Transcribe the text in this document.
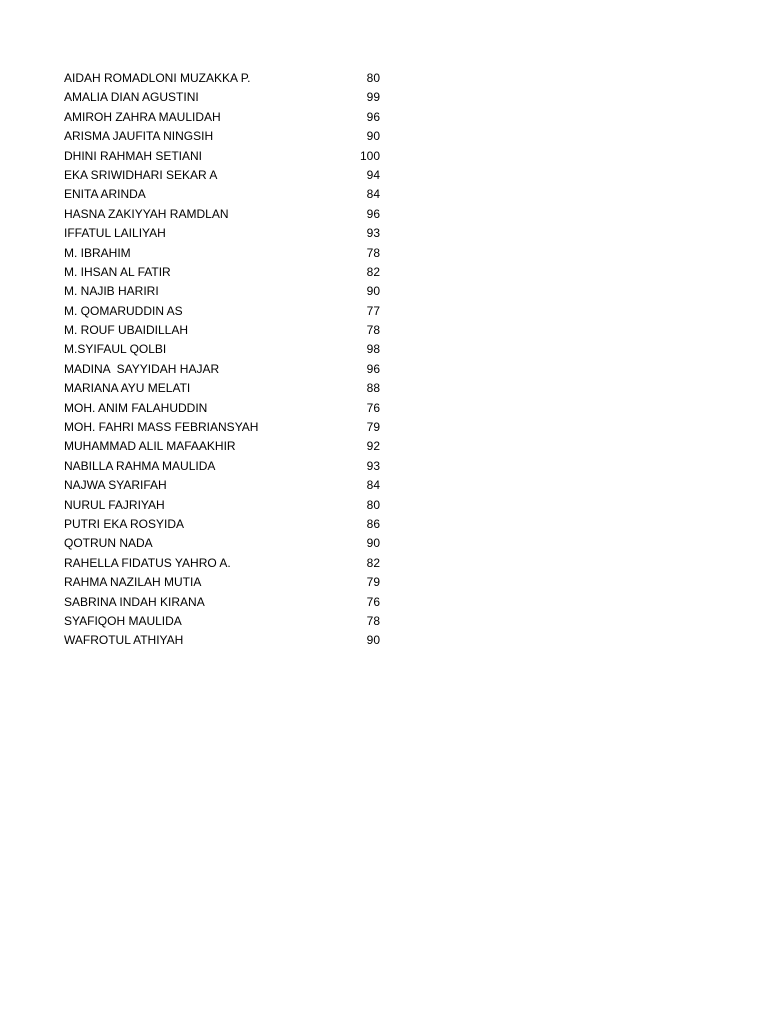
AIDAH ROMADLONI MUZAKKA P.	80
AMALIA DIAN AGUSTINI	99
AMIROH ZAHRA MAULIDAH	96
ARISMA JAUFITA NINGSIH	90
DHINI RAHMAH SETIANI	100
EKA SRIWIDHARI SEKAR A	94
ENITA ARINDA	84
HASNA ZAKIYYAH RAMDLAN	96
IFFATUL LAILIYAH	93
M. IBRAHIM	78
M. IHSAN AL FATIR	82
M. NAJIB HARIRI	90
M. QOMARUDDIN AS	77
M. ROUF UBAIDILLAH	78
M.SYIFAUL QOLBI	98
MADINA  SAYYIDAH HAJAR	96
MARIANA AYU MELATI	88
MOH. ANIM FALAHUDDIN	76
MOH. FAHRI MASS FEBRIANSYAH	79
MUHAMMAD ALIL MAFAAKHIR	92
NABILLA RAHMA MAULIDA	93
NAJWA SYARIFAH	84
NURUL FAJRIYAH	80
PUTRI EKA ROSYIDA	86
QOTRUN NADA	90
RAHELLA FIDATUS YAHRO A.	82
RAHMA NAZILAH MUTIA	79
SABRINA INDAH KIRANA	76
SYAFIQOH MAULIDA	78
WAFROTUL ATHIYAH	90
